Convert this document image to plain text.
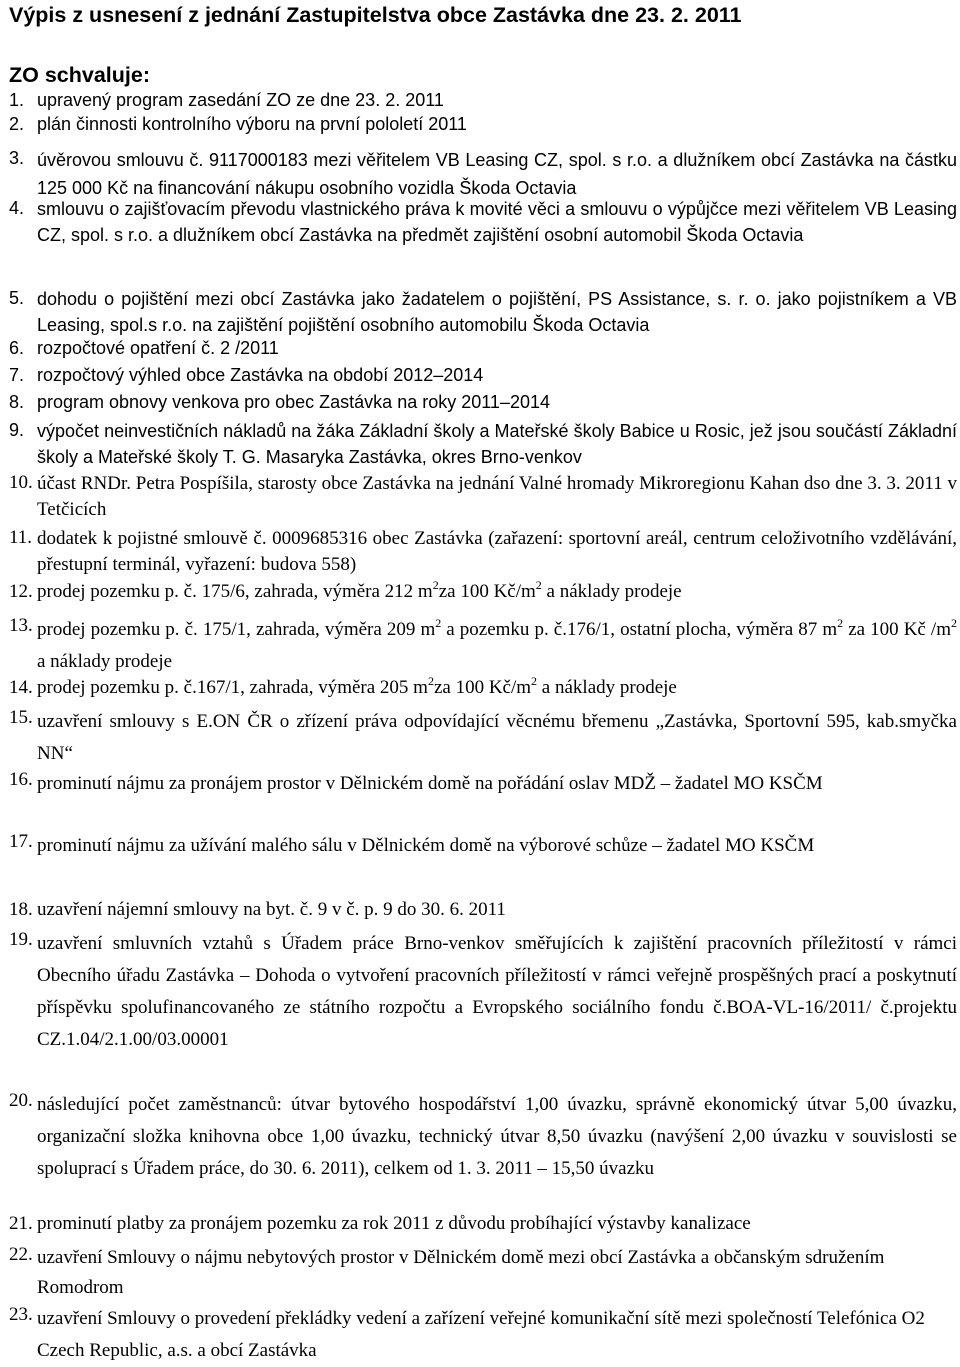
Výpis z usnesení z jednání Zastupitelstva obce Zastávka dne 23. 2. 2011
ZO schvaluje:
1. upravený program zasedání ZO ze dne 23. 2. 2011
2. plán činnosti kontrolního výboru na první pololetí 2011
3. úvěrovou smlouvu č. 9117000183 mezi věřitelem VB Leasing CZ, spol. s r.o. a dlužníkem obcí Zastávka na částku 125 000 Kč na financování nákupu osobního vozidla Škoda Octavia
4. smlouvu o zajišťovacím převodu vlastnického práva k movité věci a smlouvu o výpůjčce mezi věřitelem VB Leasing CZ, spol. s r.o. a dlužníkem obcí Zastávka na předmět zajištění osobní automobil Škoda Octavia
5. dohodu o pojištění mezi obcí Zastávka jako žadatelem o pojištění, PS Assistance, s. r. o. jako pojistníkem a VB Leasing, spol.s r.o. na zajištění pojištění osobního automobilu Škoda Octavia
6. rozpočtové opatření č. 2 /2011
7. rozpočtový výhled obce Zastávka na období 2012–2014
8. program obnovy venkova pro obec Zastávka na roky 2011–2014
9. výpočet neinvestičních nákladů na žáka Základní školy a Mateřské školy Babice u Rosic, jež jsou součástí Základní školy a Mateřské školy T. G. Masaryka Zastávka, okres Brno-venkov
10. účast RNDr. Petra Pospíšila, starosty obce Zastávka na jednání Valné hromady Mikroregionu Kahan dso dne 3. 3. 2011 v Tetčicích
11. dodatek k pojistné smlouvě č. 0009685316 obec Zastávka (zařazení: sportovní areál, centrum celoživotního vzdělávání, přestupní terminál, vyřazení: budova 558)
12. prodej pozemku p. č. 175/6, zahrada, výměra 212 $m^2za$ 100 $Kč/m^2$ a náklady prodeje
13. prodej pozemku p. č. 175/1, zahrada, výměra 209 $m^2$ a pozemku p. č.176/1, ostatní plocha, výměra 87 $m^2$ za 100 Kč $/m^2$ a náklady prodeje
14. prodej pozemku p. č.167/1, zahrada, výměra 205 $m^2za$ 100 $Kč/m^2$ a náklady prodeje
15. uzavření smlouvy s E.ON ČR o zřízení práva odpovídající věcnému břemenu „Zastávka, Sportovní 595, kab.smyčka NN“
16. prominutí nájmu za pronájem prostor v Dělnickém domě na pořádání oslav MDŽ – žadatel MO KSČM
17. prominutí nájmu za užívání malého sálu v Dělnickém domě na výborové schůze – žadatel MO KSČM
18. uzavření nájemní smlouvy na byt. č. 9 v č. p. 9 do 30. 6. 2011
19. uzavření smluvních vztahů s Úřadem práce Brno-venkov směřujících k zajištění pracovních příležitostí v rámci Obecního úřadu Zastávka – Dohoda o vytvoření pracovních příležitostí v rámci veřejně prospěšných prací a poskytnutí příspěvku spolufinancovaného ze státního rozpočtu a Evropského sociálního fondu č.BOA-VL-16/2011/ č.projektu CZ.1.04/2.1.00/03.00001
20. následující počet zaměstnanců: útvar bytového hospodářství 1,00 úvazku, správně ekonomický útvar 5,00 úvazku, organizační složka knihovna obce 1,00 úvazku, technický útvar 8,50 úvazku (navýšení 2,00 úvazku v souvislosti se spoluprací s Úřadem práce, do 30. 6. 2011), celkem od 1. 3. 2011 – 15,50 úvazku
21. prominutí platby za pronájem pozemku za rok 2011 z důvodu probíhající výstavby kanalizace
22. uzavření Smlouvy o nájmu nebytových prostor v Dělnickém domě mezi obcí Zastávka a občanským sdružením Romodrom
23. uzavření Smlouvy o provedení překládky vedení a zařízení veřejné komunikační sítě mezi společností Telefónica O2 Czech Republic, a.s. a obcí Zastávka
